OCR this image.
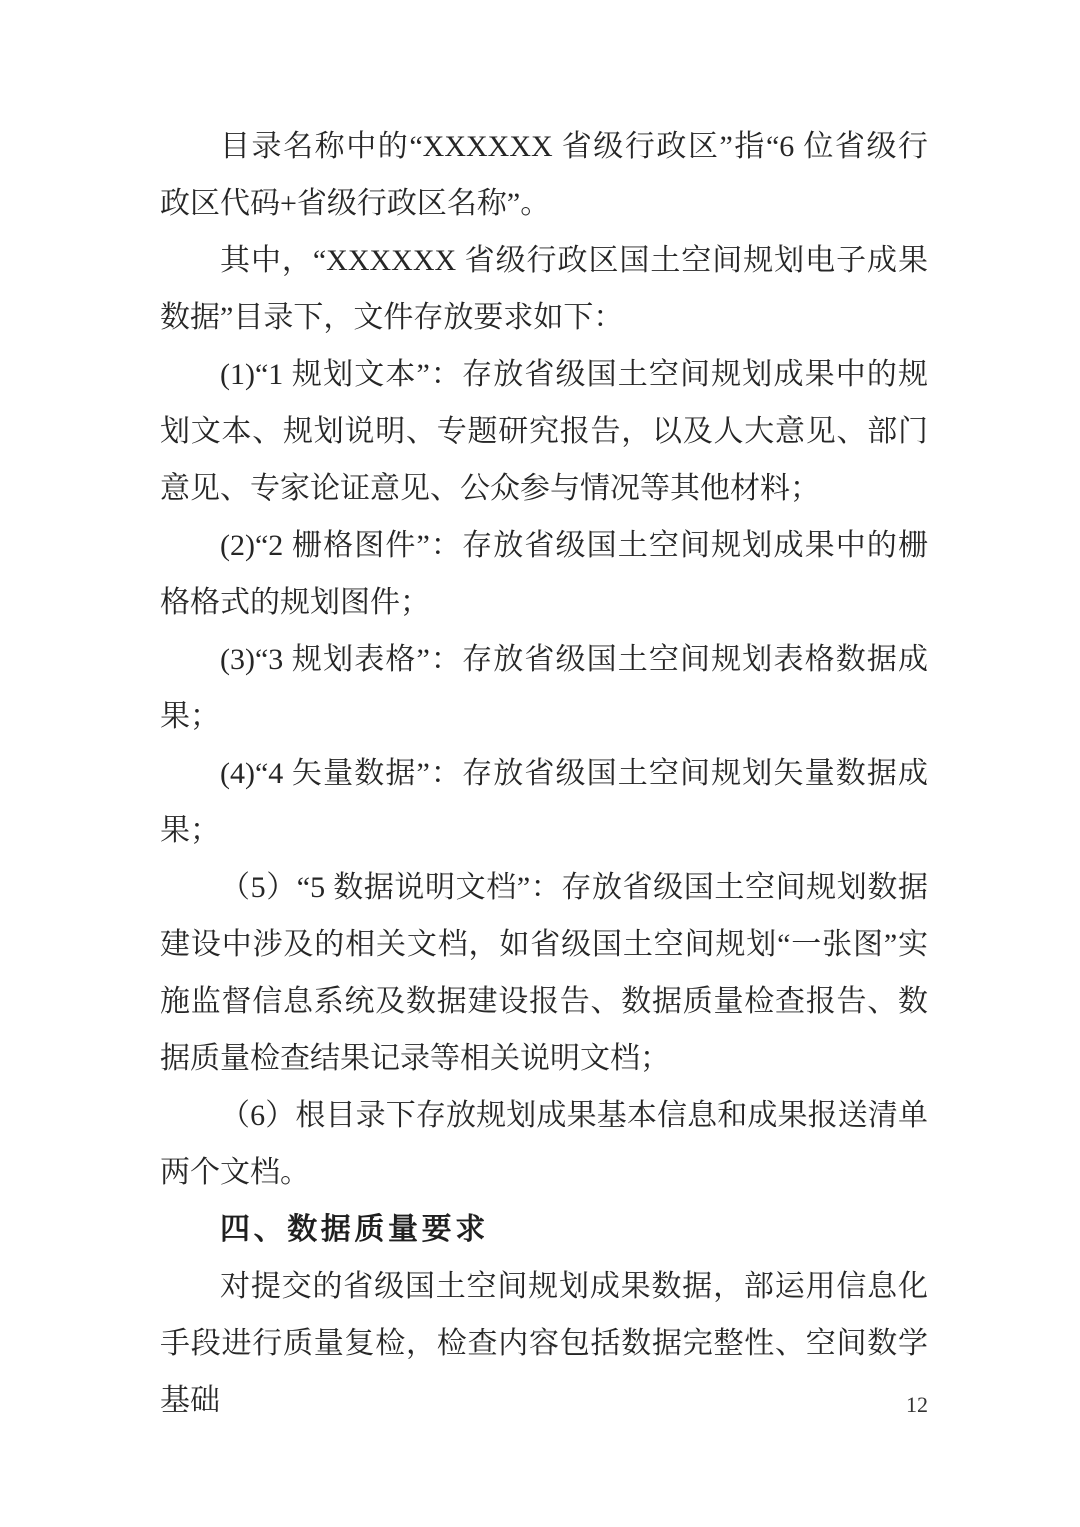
目录名称中的“XXXXXX 省级行政区”指“6 位省级行政区代码+省级行政区名称”。

其中，“XXXXXX 省级行政区国土空间规划电子成果数据”目录下，文件存放要求如下：

(1)“1 规划文本”：存放省级国土空间规划成果中的规划文本、规划说明、专题研究报告，以及人大意见、部门意见、专家论证意见、公众参与情况等其他材料；

(2)“2 栅格图件”：存放省级国土空间规划成果中的栅格格式的规划图件；

(3)“3 规划表格”：存放省级国土空间规划表格数据成果；

(4)“4 矢量数据”：存放省级国土空间规划矢量数据成果；

（5）“5 数据说明文档”：存放省级国土空间规划数据建设中涉及的相关文档，如省级国土空间规划“一张图”实施监督信息系统及数据建设报告、数据质量检查报告、数据质量检查结果记录等相关说明文档；

（6）根目录下存放规划成果基本信息和成果报送清单两个文档。

四、数据质量要求

对提交的省级国土空间规划成果数据，部运用信息化手段进行质量复检，检查内容包括数据完整性、空间数学基础	12
